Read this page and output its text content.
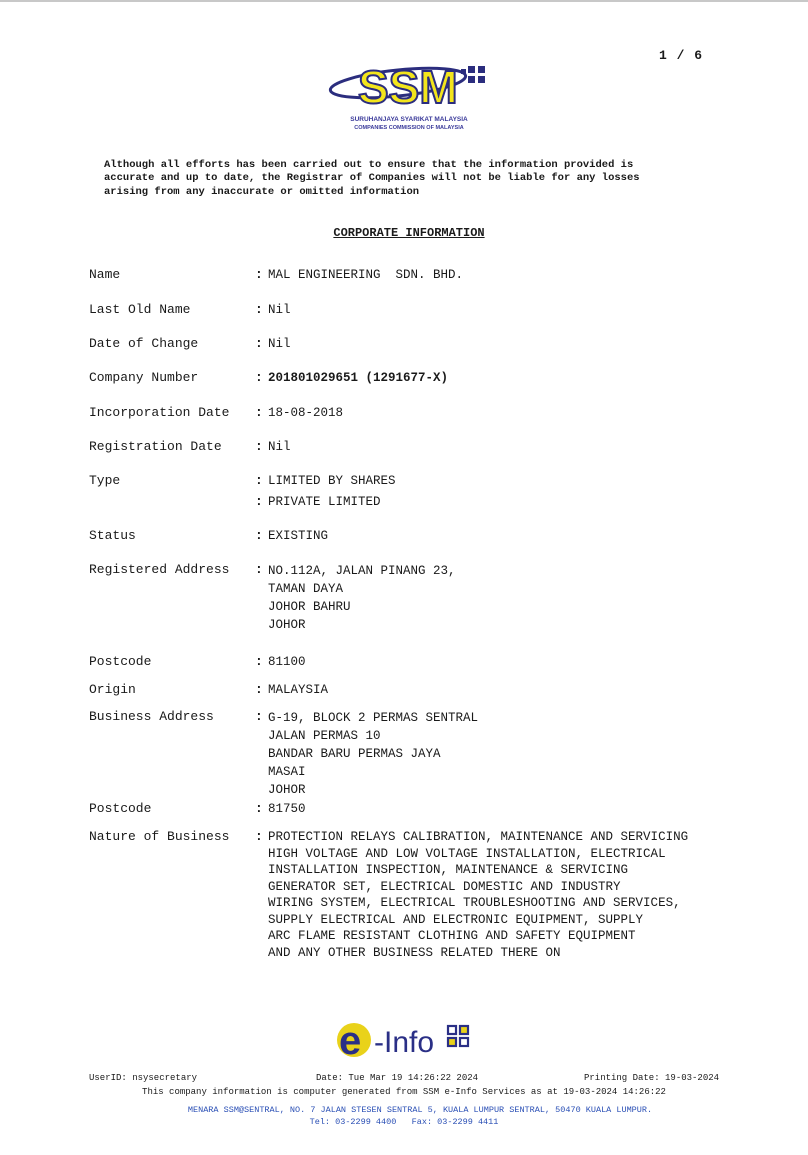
1 / 6
SSM
SURUHANJAYA SYARIKAT MALAYSIA
COMPANIES COMMISSION OF MALAYSIA
Although all efforts has been carried out to ensure that the information provided is
accurate and up to date, the Registrar of Companies will not be liable for any losses
arising from any inaccurate or omitted information
CORPORATE INFORMATION
Name	: MAL ENGINEERING  SDN. BHD.
Last Old Name	: Nil
Date of Change	: Nil
Company Number	: 201801029651 (1291677-X)
Incorporation Date : 18-08-2018
Registration Date	: Nil
Type	: LIMITED BY SHARES
: PRIVATE LIMITED
Status	: EXISTING
Registered Address : NO.112A, JALAN PINANG 23,
TAMAN DAYA
JOHOR BAHRU
JOHOR
Postcode	: 81100
Origin	: MALAYSIA
Business Address	: G-19, BLOCK 2 PERMAS SENTRAL
JALAN PERMAS 10
BANDAR BARU PERMAS JAYA
MASAI
JOHOR
Postcode	: 81750
Nature of Business : PROTECTION RELAYS CALIBRATION, MAINTENANCE AND SERVICING
HIGH VOLTAGE AND LOW VOLTAGE INSTALLATION, ELECTRICAL
INSTALLATION INSPECTION, MAINTENANCE & SERVICING
GENERATOR SET, ELECTRICAL DOMESTIC AND INDUSTRY
WIRING SYSTEM, ELECTRICAL TROUBLESHOOTING AND SERVICES,
SUPPLY ELECTRICAL AND ELECTRONIC EQUIPMENT, SUPPLY
ARC FLAME RESISTANT CLOTHING AND SAFETY EQUIPMENT
AND ANY OTHER BUSINESS RELATED THERE ON
e -Info
UserID: nsysecretary	Date: Tue Mar 19 14:26:22 2024	Printing Date: 19-03-2024
This company information is computer generated from SSM e-Info Services as at 19-03-2024 14:26:22
MENARA SSM@SENTRAL, NO. 7 JALAN STESEN SENTRAL 5, KUALA LUMPUR SENTRAL, 50470 KUALA LUMPUR.
Tel: 03-2299 4400   Fax: 03-2299 4411
